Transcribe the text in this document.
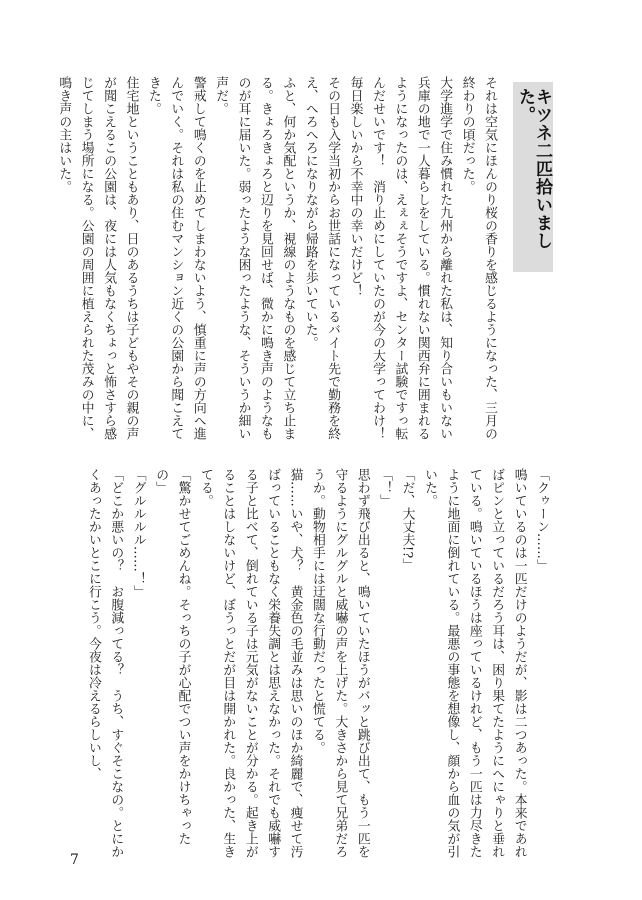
キツネ二匹拾いました。

それは空気にほんのり桜の香りを感じるようになった、三月の終わりの頃だった。

大学進学で住み慣れた九州から離れた私は、知り合いもいない兵庫の地で一人暮らしをしている。慣れない関西弁に囲まれるようになったのは、えぇぇそうですよ、センター試験ですっ転んだせいです！　消り止めにしていたのが今の大学ってわけ！　毎日楽しいから不幸中の幸いだけど！

その日も入学当初からお世話になっているバイト先で勤務を終え、へろへろになりながら帰路を歩いていた。

ふと、何か気配というか、視線のようなものを感じて立ち止まる。きょろきょろと辺りを見回せば、微かに鳴き声のようなものが耳に届いた。弱ったような困ったような、そういうか細い声だ。

警戒して鳴くのを止めてしまわないよう、慎重に声の方向へ進んでいく。それは私の住むマンション近くの公園から聞こえてきた。

住宅地ということもあり、日のあるうちは子どもやその親の声が聞こえるこの公園は、夜には人気もなくちょっと怖さすら感じてしまう場所になる。公園の周囲に植えられた茂みの中に、鳴き声の主はいた。

「クゥーン……」

鳴いているのは一匹だけのようだが、影は二つあった。本来であればピンと立っているだろう耳は、困り果てたようにへにゃりと垂れている。鳴いているほうは座っているけれど、もう一匹は力尽きたように地面に倒れている。最悪の事態を想像し、顔から血の気が引いた。

「だ、大丈夫!?」

「！」

思わず飛び出ると、鳴いていたほうがバッと跳び出て、もう一匹を守るようにグルグルと威嚇の声を上げた。大きさから見て兄弟だろうか。動物相手には迂闊な行動だったと慌てる。

猫……いや、犬？　黄金色の毛並みは思いのほか綺麗で、痩せて汚ばっていることもなく栄養失調とは思えなかった。それでも威嚇する子と比べて、倒れている子は元気がないことが分かる。起き上がることはしないけど、ぼうっとだが目は開かれた。良かった、生きてる。

「驚かせてごめんね。そっちの子が心配でつい声をかけちゃったの」

「グルルルル……！」

「どこか悪いの？　お腹減ってる？　うち、すぐそこなの。とにかくあったかいとこに行こう。今夜は冷えるらしいし、

7
